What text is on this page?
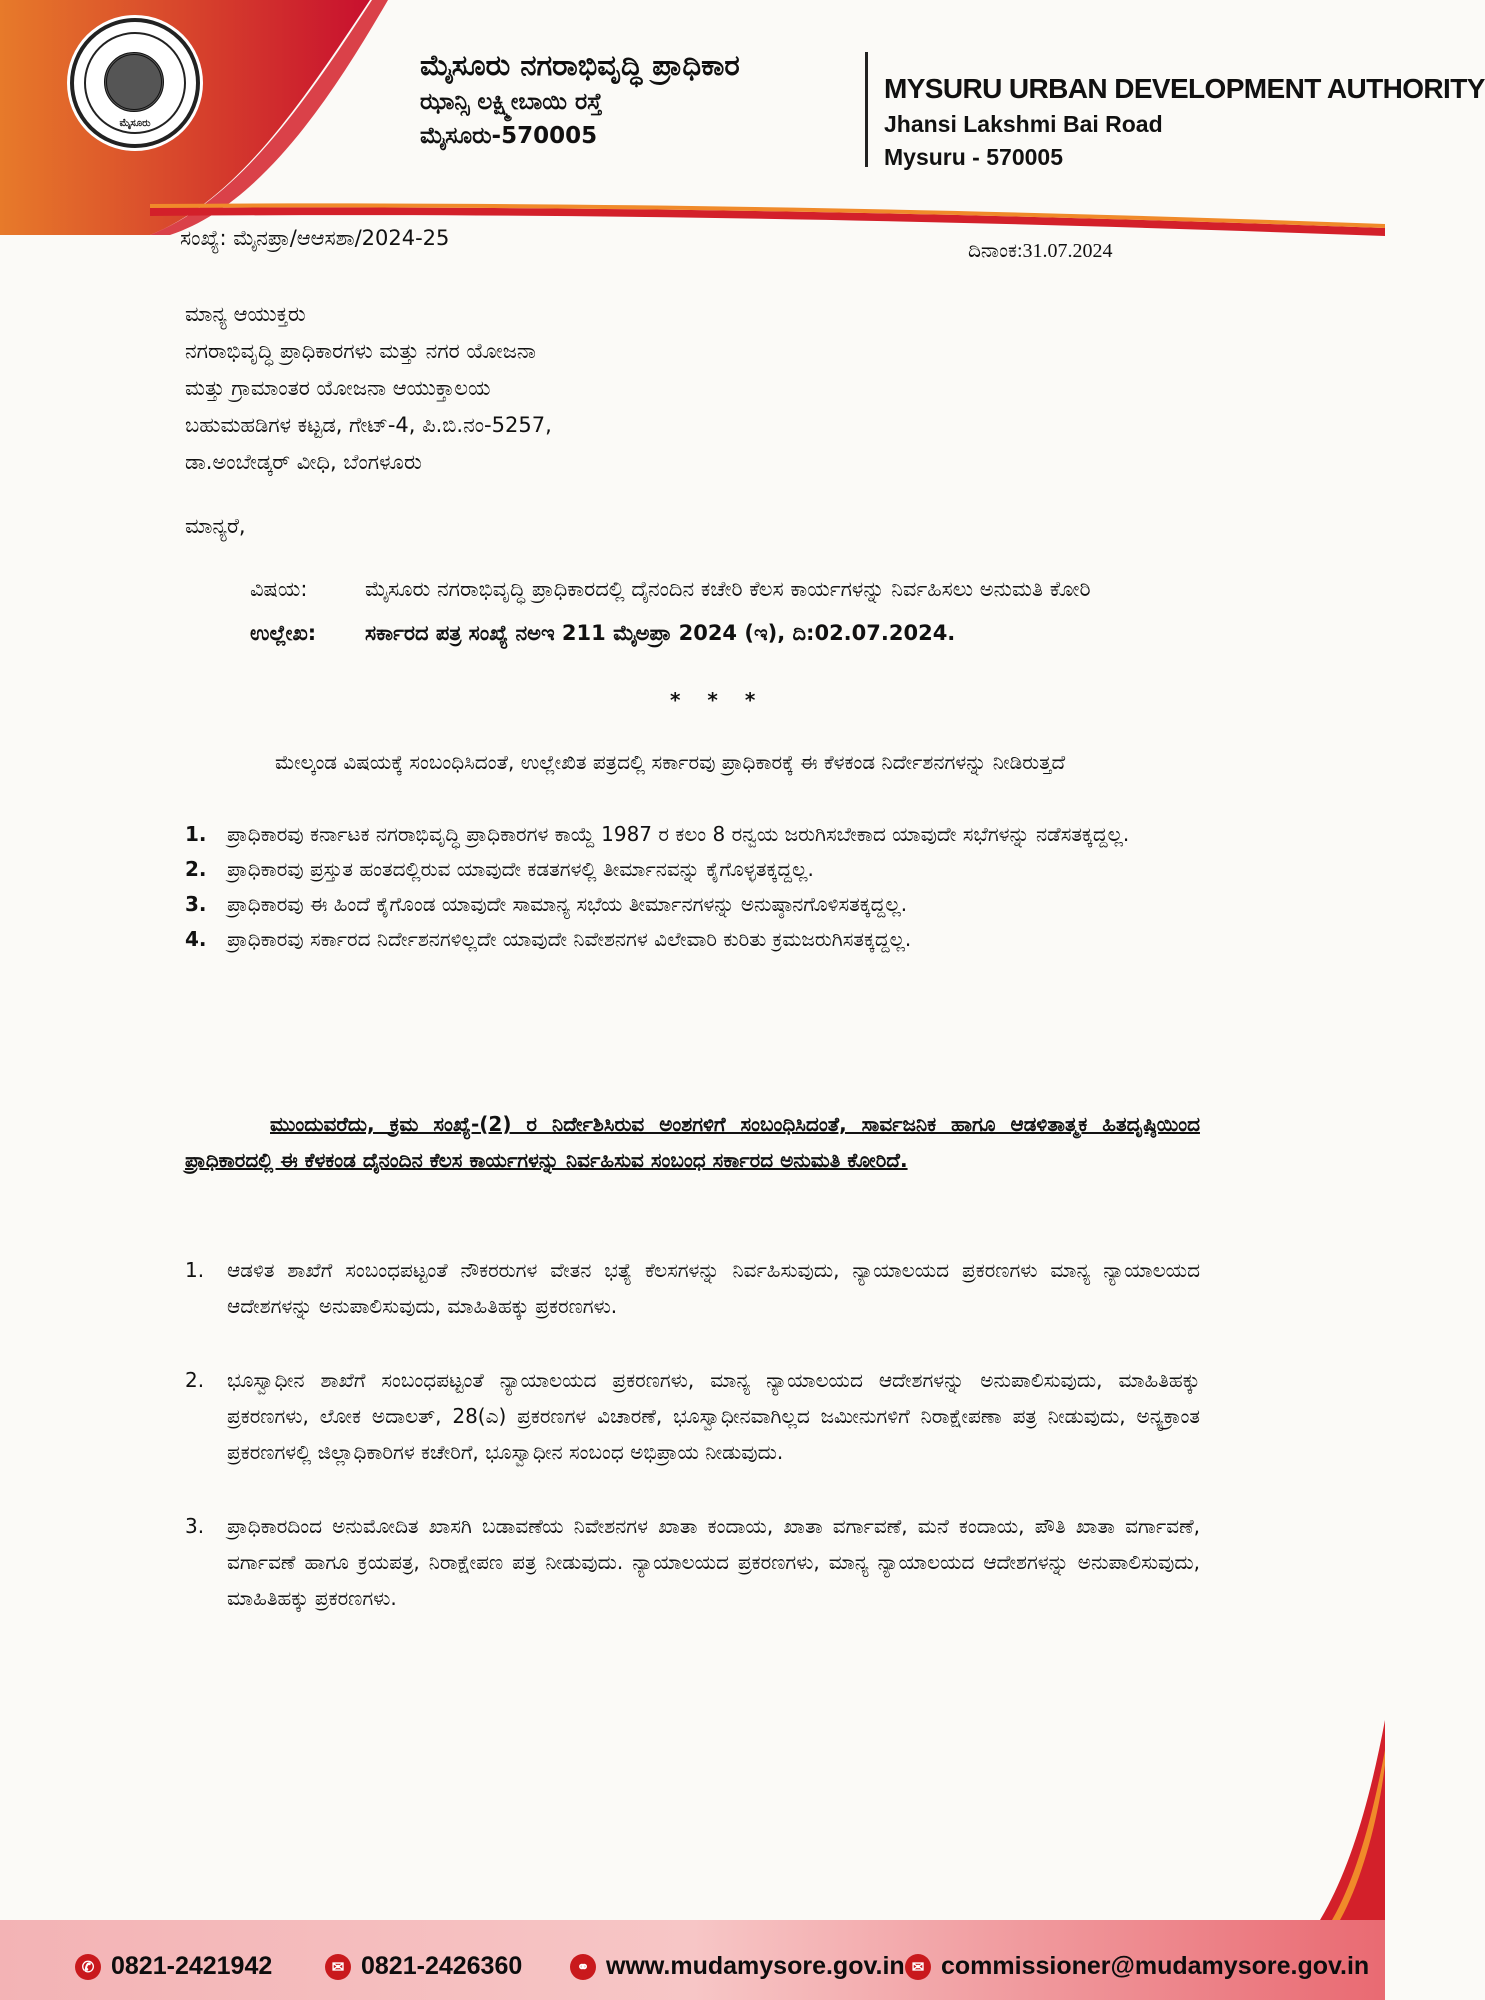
ಮೈಸೂರು
ಮೈಸೂರು ನಗರಾಭಿವೃದ್ಧಿ ಪ್ರಾಧಿಕಾರ
ಝಾನ್ಸಿ ಲಕ್ಷ್ಮೀಬಾಯಿ ರಸ್ತೆ
ಮೈಸೂರು-570005
MYSURU URBAN DEVELOPMENT AUTHORITY
Jhansi Lakshmi Bai Road
Mysuru - 570005
ಸಂಖ್ಯೆ: ಮೈನಪ್ರಾ/ಆಆಸಶಾ/2024-25
ದಿನಾಂಕ:31.07.2024
ಮಾನ್ಯ ಆಯುಕ್ತರು
ನಗರಾಭಿವೃದ್ಧಿ ಪ್ರಾಧಿಕಾರಗಳು ಮತ್ತು ನಗರ ಯೋಜನಾ
ಮತ್ತು ಗ್ರಾಮಾಂತರ ಯೋಜನಾ ಆಯುಕ್ತಾಲಯ
ಬಹುಮಹಡಿಗಳ ಕಟ್ಟಡ, ಗೇಟ್-4, ಪಿ.ಬಿ.ನಂ-5257,
ಡಾ.ಅಂಬೇಡ್ಕರ್ ವೀಧಿ, ಬೆಂಗಳೂರು
ಮಾನ್ಯರೆ,
ವಿಷಯ:	ಮೈಸೂರು ನಗರಾಭಿವೃದ್ಧಿ ಪ್ರಾಧಿಕಾರದಲ್ಲಿ ದೈನಂದಿನ ಕಚೇರಿ ಕೆಲಸ ಕಾರ್ಯಗಳನ್ನು ನಿರ್ವಹಿಸಲು ಅನುಮತಿ ಕೋರಿ
ಉಲ್ಲೇಖ:	ಸರ್ಕಾರದ ಪತ್ರ ಸಂಖ್ಯೆ ನಅಇ 211 ಮೈಅಪ್ರಾ 2024 (ಇ), ದಿ:02.07.2024.
* * *
ಮೇಲ್ಕಂಡ ವಿಷಯಕ್ಕೆ ಸಂಬಂಧಿಸಿದಂತೆ, ಉಲ್ಲೇಖಿತ ಪತ್ರದಲ್ಲಿ ಸರ್ಕಾರವು ಪ್ರಾಧಿಕಾರಕ್ಕೆ ಈ ಕೆಳಕಂಡ ನಿರ್ದೇಶನಗಳನ್ನು ನೀಡಿರುತ್ತದೆ
1.	ಪ್ರಾಧಿಕಾರವು ಕರ್ನಾಟಕ ನಗರಾಭಿವೃದ್ಧಿ ಪ್ರಾಧಿಕಾರಗಳ ಕಾಯ್ದೆ 1987 ರ ಕಲಂ 8 ರನ್ವಯ ಜರುಗಿಸಬೇಕಾದ ಯಾವುದೇ ಸಭೆಗಳನ್ನು ನಡೆಸತಕ್ಕದ್ದಲ್ಲ.
2.	ಪ್ರಾಧಿಕಾರವು ಪ್ರಸ್ತುತ ಹಂತದಲ್ಲಿರುವ ಯಾವುದೇ ಕಡತಗಳಲ್ಲಿ ತೀರ್ಮಾನವನ್ನು ಕೈಗೊಳ್ಳತಕ್ಕದ್ದಲ್ಲ.
3.	ಪ್ರಾಧಿಕಾರವು ಈ ಹಿಂದೆ ಕೈಗೊಂಡ ಯಾವುದೇ ಸಾಮಾನ್ಯ ಸಭೆಯ ತೀರ್ಮಾನಗಳನ್ನು ಅನುಷ್ಠಾನಗೊಳಿಸತಕ್ಕದ್ದಲ್ಲ.
4.	ಪ್ರಾಧಿಕಾರವು ಸರ್ಕಾರದ ನಿರ್ದೇಶನಗಳಿಲ್ಲದೇ ಯಾವುದೇ ನಿವೇಶನಗಳ ವಿಲೇವಾರಿ ಕುರಿತು ಕ್ರಮಜರುಗಿಸತಕ್ಕದ್ದಲ್ಲ.
ಮುಂದುವರೆದು, ಕ್ರಮ ಸಂಖ್ಯೆ-(2) ರ ನಿರ್ದೇಶಿಸಿರುವ ಅಂಶಗಳಿಗೆ ಸಂಬಂಧಿಸಿದಂತೆ, ಸಾರ್ವಜನಿಕ ಹಾಗೂ ಆಡಳಿತಾತ್ಮಕ ಹಿತದೃಷ್ಠಿಯಿಂದ ಪ್ರಾಧಿಕಾರದಲ್ಲಿ ಈ ಕೆಳಕಂಡ ದೈನಂದಿನ ಕೆಲಸ ಕಾರ್ಯಗಳನ್ನು ನಿರ್ವಹಿಸುವ ಸಂಬಂಧ ಸರ್ಕಾರದ ಅನುಮತಿ ಕೋರಿದೆ.
1.	ಆಡಳಿತ ಶಾಖೆಗೆ ಸಂಬಂಧಪಟ್ಟಂತೆ ನೌಕರರುಗಳ ವೇತನ ಭತ್ಯೆ ಕೆಲಸಗಳನ್ನು ನಿರ್ವಹಿಸುವುದು, ನ್ಯಾಯಾಲಯದ ಪ್ರಕರಣಗಳು ಮಾನ್ಯ ನ್ಯಾಯಾಲಯದ ಆದೇಶಗಳನ್ನು ಅನುಪಾಲಿಸುವುದು, ಮಾಹಿತಿಹಕ್ಕು ಪ್ರಕರಣಗಳು.
2.	ಭೂಸ್ವಾಧೀನ ಶಾಖೆಗೆ ಸಂಬಂಧಪಟ್ಟಂತೆ ನ್ಯಾಯಾಲಯದ ಪ್ರಕರಣಗಳು, ಮಾನ್ಯ ನ್ಯಾಯಾಲಯದ ಆದೇಶಗಳನ್ನು ಅನುಪಾಲಿಸುವುದು, ಮಾಹಿತಿಹಕ್ಕು ಪ್ರಕರಣಗಳು, ಲೋಕ ಅದಾಲತ್, 28(ಎ) ಪ್ರಕರಣಗಳ ವಿಚಾರಣೆ, ಭೂಸ್ವಾಧೀನವಾಗಿಲ್ಲದ ಜಮೀನುಗಳಿಗೆ ನಿರಾಕ್ಷೇಪಣಾ ಪತ್ರ ನೀಡುವುದು, ಅನ್ಯಕ್ರಾಂತ ಪ್ರಕರಣಗಳಲ್ಲಿ ಜಿಲ್ಲಾಧಿಕಾರಿಗಳ ಕಚೇರಿಗೆ, ಭೂಸ್ವಾಧೀನ ಸಂಬಂಧ ಅಭಿಪ್ರಾಯ ನೀಡುವುದು.
3.	ಪ್ರಾಧಿಕಾರದಿಂದ ಅನುಮೋದಿತ ಖಾಸಗಿ ಬಡಾವಣೆಯ ನಿವೇಶನಗಳ ಖಾತಾ ಕಂದಾಯ, ಖಾತಾ ವರ್ಗಾವಣೆ, ಮನೆ ಕಂದಾಯ, ಪೌತಿ ಖಾತಾ ವರ್ಗಾವಣೆ, ವರ್ಗಾವಣೆ ಹಾಗೂ ಕ್ರಯಪತ್ರ, ನಿರಾಕ್ಷೇಪಣ ಪತ್ರ ನೀಡುವುದು. ನ್ಯಾಯಾಲಯದ ಪ್ರಕರಣಗಳು, ಮಾನ್ಯ ನ್ಯಾಯಾಲಯದ ಆದೇಶಗಳನ್ನು ಅನುಪಾಲಿಸುವುದು, ಮಾಹಿತಿಹಕ್ಕು ಪ್ರಕರಣಗಳು.
✆ 0821-2421942	✉ 0821-2426360	⚭ www.mudamysore.gov.in ✉ commissioner@mudamysore.gov.in
